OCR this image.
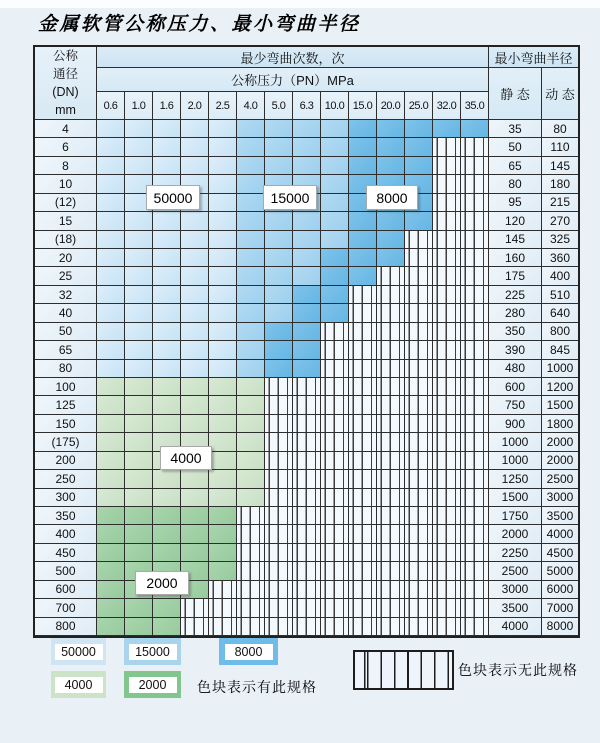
金属软管公称压力、最小弯曲半径
公称
通径
(DN)
mm
最少弯曲次数，次	最小弯曲半径
公称压力（PN）MPa
静 态	动 态
0.6	1.0	1.6	2.0	2.5	4.0	5.0	6.3	10.0 15.0 20.0 25.0 32.0 35.0
4	35	80
6	50	110
8	65	145
10	80	180
(12)	95	215
15	120	270
(18)	145	325
20	160	360
25	175	400
32	225	510
40	280	640
50	350	800
65	390	845
80	480	1000
100	600	1200
125	750	1500
150	900	1800
(175)	1000	2000
200	1000	2000
250	1250	2500
300	1500	3000
350	1750	3500
400	2000	4000
450	2250	4500
500	2500	5000
600	3000	6000
700	3500	7000
800	4000	8000
色块表示有此规格
色块表示无此规格
50000	15000	8000
4000
2000
50000	15000	8000
4000	2000
